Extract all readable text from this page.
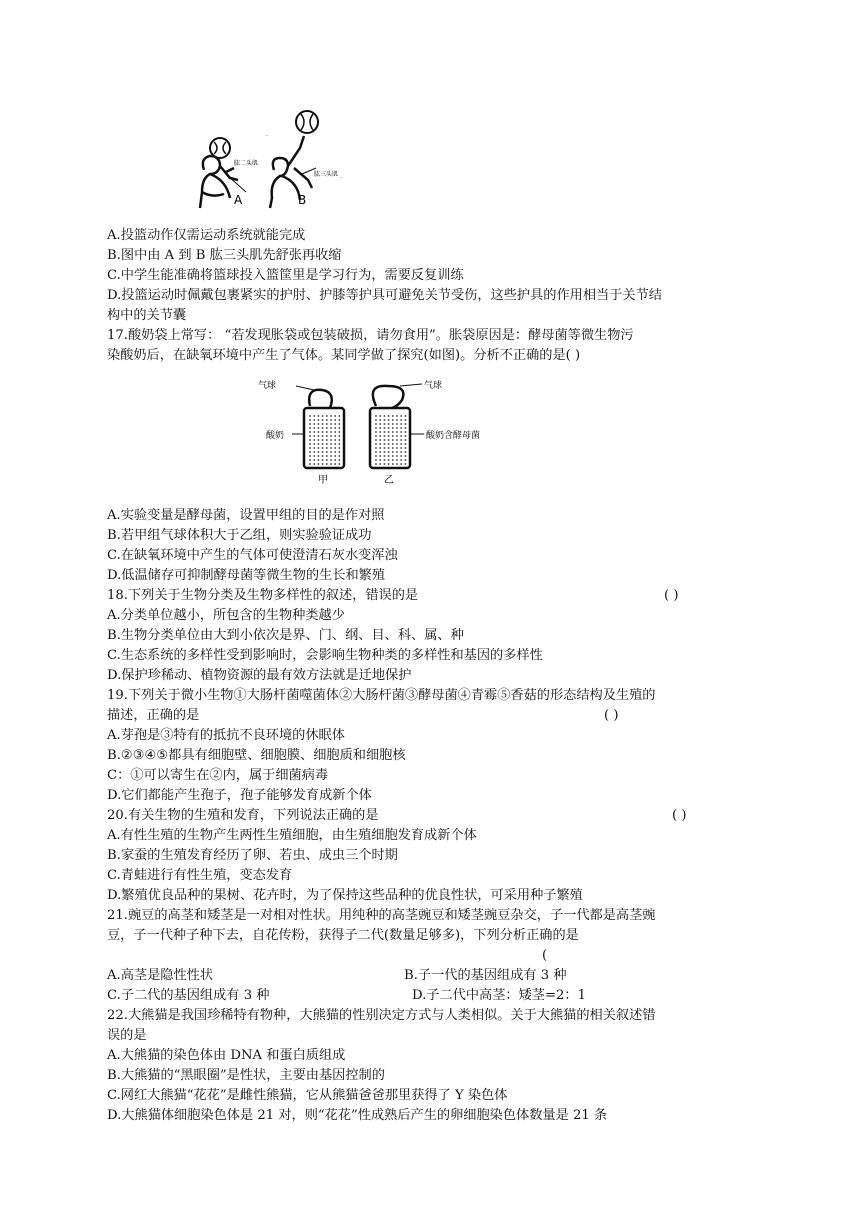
肱二头肌
A
肱三头肌
B
·
·
A.投篮动作仅需运动系统就能完成
B.图中由 A 到 B 肱三头肌先舒张再收缩
C.中学生能准确将篮球投入篮筐里是学习行为，需要反复训练
D.投篮运动时佩戴包裹紧实的护肘、护膝等护具可避免关节受伤，这些护具的作用相当于关节结
构中的关节囊
17.酸奶袋上常写： “若发现胀袋或包装破损，请勿食用”。胀袋原因是：酵母菌等微生物污
染酸奶后，在缺氧环境中产生了气体。某同学做了探究(如图)。分析不正确的是( )
气球	气球
酸奶	酸奶含酵母菌
甲	乙
A.实验变量是酵母菌，设置甲组的目的是作对照
B.若甲组气球体积大于乙组，则实验验证成功
C.在缺氧环境中产生的气体可使澄清石灰水变浑浊
D.低温储存可抑制酵母菌等微生物的生长和繁殖
18.下列关于生物分类及生物多样性的叙述，错误的是	( )
A.分类单位越小，所包含的生物种类越少
B.生物分类单位由大到小依次是界、门、纲、目、科、属、种
C.生态系统的多样性受到影响时，会影响生物种类的多样性和基因的多样性
D.保护珍稀动、植物资源的最有效方法就是迁地保护
19.下列关于微小生物①大肠杆菌噬菌体②大肠杆菌③酵母菌④青霉⑤香菇的形态结构及生殖的
描述，正确的是	( )
A.芽孢是③特有的抵抗不良环境的休眠体
B.②③④⑤都具有细胞壁、细胞膜、细胞质和细胞核
C：①可以寄生在②内，属于细菌病毒
D.它们都能产生孢子，孢子能够发育成新个体
20.有关生物的生殖和发育，下列说法正确的是	( )
A.有性生殖的生物产生两性生殖细胞，由生殖细胞发育成新个体
B.家蚕的生殖发育经历了卵、若虫、成虫三个时期
C.青蛙进行有性生殖，变态发育
D.繁殖优良品种的果树、花卉时，为了保持这些品种的优良性状，可采用种子繁殖
21.豌豆的高茎和矮茎是一对相对性状。用纯种的高茎豌豆和矮茎豌豆杂交，子一代都是高茎豌
豆，子一代种子种下去，自花传粉，获得子二代(数量足够多)，下列分析正确的是
(
A.高茎是隐性性状	B.子一代的基因组成有 3 种
C.子二代的基因组成有 3 种	D.子二代中高茎：矮茎=2：1
22.大熊猫是我国珍稀特有物种，大熊猫的性别决定方式与人类相似。关于大熊猫的相关叙述错
误的是
A.大熊猫的染色体由 DNA 和蛋白质组成
B.大熊猫的“黑眼圈”是性状，主要由基因控制的
C.网红大熊猫“花花”是雌性熊猫，它从熊猫爸爸那里获得了 Y 染色体
D.大熊猫体细胞染色体是 21 对，则“花花”性成熟后产生的卵细胞染色体数量是 21 条
